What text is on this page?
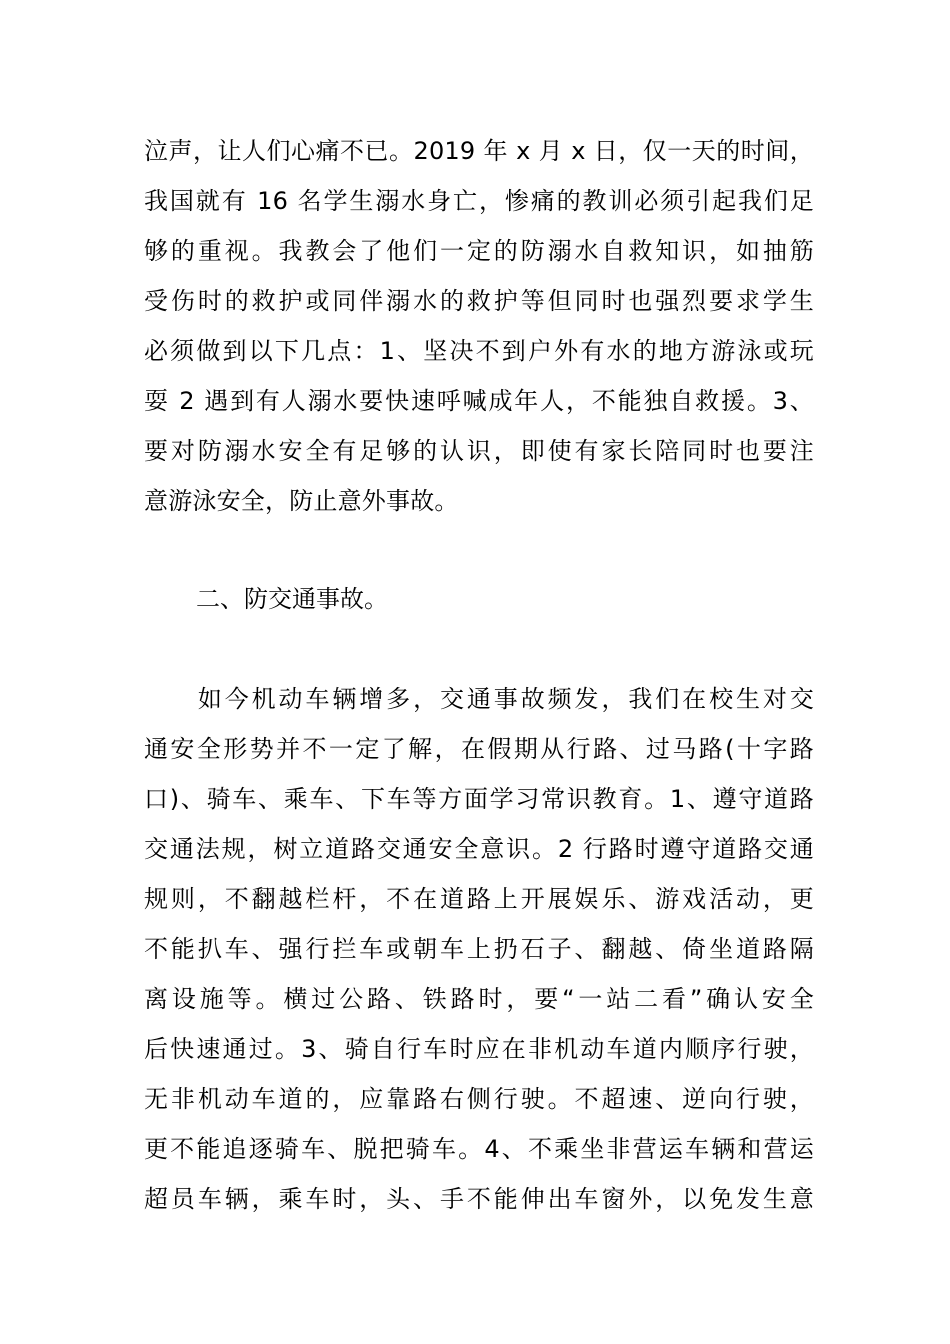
泣声，让人们心痛不已。2019 年 x 月 x 日，仅一天的时间，
我国就有 16 名学生溺水身亡，惨痛的教训必须引起我们足
够的重视。我教会了他们一定的防溺水自救知识，如抽筋
受伤时的救护或同伴溺水的救护等但同时也强烈要求学生
必须做到以下几点：1、坚决不到户外有水的地方游泳或玩
耍 2 遇到有人溺水要快速呼喊成年人，不能独自救援。3、
要对防溺水安全有足够的认识，即使有家长陪同时也要注
意游泳安全，防止意外事故。
二、防交通事故。
　　如今机动车辆增多，交通事故频发，我们在校生对交
通安全形势并不一定了解，在假期从行路、过马路(十字路
口)、骑车、乘车、下车等方面学习常识教育。1、遵守道路
交通法规，树立道路交通安全意识。2 行路时遵守道路交通
规则，不翻越栏杆，不在道路上开展娱乐、游戏活动，更
不能扒车、强行拦车或朝车上扔石子、翻越、倚坐道路隔
离设施等。横过公路、铁路时，要“一站二看”确认安全
后快速通过。3、骑自行车时应在非机动车道内顺序行驶，
无非机动车道的，应靠路右侧行驶。不超速、逆向行驶，
更不能追逐骑车、脱把骑车。4、不乘坐非营运车辆和营运
超员车辆，乘车时，头、手不能伸出车窗外，以免发生意
